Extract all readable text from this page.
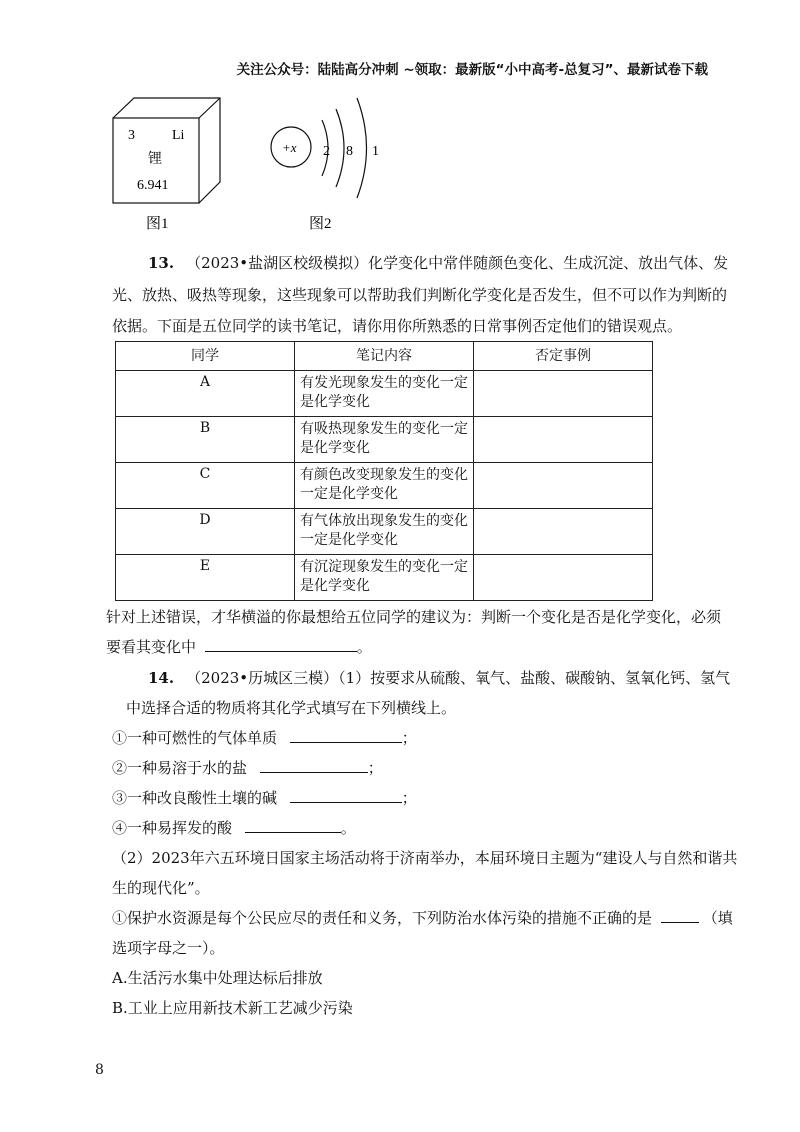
关注公众号：陆陆高分冲刺 ~领取：最新版“小中高考-总复习”、最新试卷下载
3	Li
锂
6.941
图1
+x 2 8 1
图2
13. （2023•盐湖区校级模拟）化学变化中常伴随颜色变化、生成沉淀、放出气体、发
光、放热、吸热等现象，这些现象可以帮助我们判断化学变化是否发生，但不可以作为判断的
依据。下面是五位同学的读书笔记，请你用你所熟悉的日常事例否定他们的错误观点。
同学	笔记内容	否定事例
A	有发光现象发生的变化一定是化学变化	

B	有吸热现象发生的变化一定是化学变化	

C	有颜色改变现象发生的变化一定是化学变化	

D	有气体放出现象发生的变化一定是化学变化	

E	有沉淀现象发生的变化一定是化学变化	

针对上述错误，才华横溢的你最想给五位同学的建议为：判断一个变化是否是化学变化，必须
要看其变化中	。
14. （2023•历城区三模）（1）按要求从硫酸、氧气、盐酸、碳酸钠、氢氧化钙、氢气
中选择合适的物质将其化学式填写在下列横线上。
①一种可燃性的气体单质	；
②一种易溶于水的盐	；
③一种改良酸性土壤的碱	；
④一种易挥发的酸	。
（2）2023年六五环境日国家主场活动将于济南举办，本届环境日主题为“建设人与自然和谐共
生的现代化”。
①保护水资源是每个公民应尽的责任和义务，下列防治水体污染的措施不正确的是	（填
选项字母之一）。
A.生活污水集中处理达标后排放
B.工业上应用新技术新工艺减少污染
8
